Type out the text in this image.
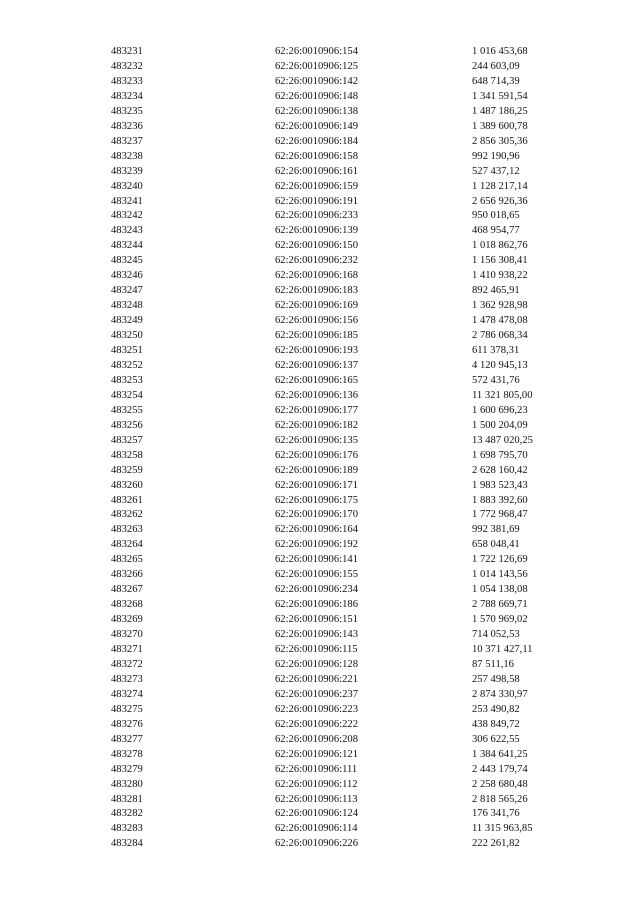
483231	62:26:0010906:154	1 016 453,68
483232	62:26:0010906:125	244 603,09
483233	62:26:0010906:142	648 714,39
483234	62:26:0010906:148	1 341 591,54
483235	62:26:0010906:138	1 487 186,25
483236	62:26:0010906:149	1 389 600,78
483237	62:26:0010906:184	2 856 305,36
483238	62:26:0010906:158	992 190,96
483239	62:26:0010906:161	527 437,12
483240	62:26:0010906:159	1 128 217,14
483241	62:26:0010906:191	2 656 926,36
483242	62:26:0010906:233	950 018,65
483243	62:26:0010906:139	468 954,77
483244	62:26:0010906:150	1 018 862,76
483245	62:26:0010906:232	1 156 308,41
483246	62:26:0010906:168	1 410 938,22
483247	62:26:0010906:183	892 465,91
483248	62:26:0010906:169	1 362 928,98
483249	62:26:0010906:156	1 478 478,08
483250	62:26:0010906:185	2 786 068,34
483251	62:26:0010906:193	611 378,31
483252	62:26:0010906:137	4 120 945,13
483253	62:26:0010906:165	572 431,76
483254	62:26:0010906:136	11 321 805,00
483255	62:26:0010906:177	1 600 696,23
483256	62:26:0010906:182	1 500 204,09
483257	62:26:0010906:135	13 487 020,25
483258	62:26:0010906:176	1 698 795,70
483259	62:26:0010906:189	2 628 160,42
483260	62:26:0010906:171	1 983 523,43
483261	62:26:0010906:175	1 883 392,60
483262	62:26:0010906:170	1 772 968,47
483263	62:26:0010906:164	992 381,69
483264	62:26:0010906:192	658 048,41
483265	62:26:0010906:141	1 722 126,69
483266	62:26:0010906:155	1 014 143,56
483267	62:26:0010906:234	1 054 138,08
483268	62:26:0010906:186	2 788 669,71
483269	62:26:0010906:151	1 570 969,02
483270	62:26:0010906:143	714 052,53
483271	62:26:0010906:115	10 371 427,11
483272	62:26:0010906:128	87 511,16
483273	62:26:0010906:221	257 498,58
483274	62:26:0010906:237	2 874 330,97
483275	62:26:0010906:223	253 490,82
483276	62:26:0010906:222	438 849,72
483277	62:26:0010906:208	306 622,55
483278	62:26:0010906:121	1 384 641,25
483279	62:26:0010906:111	2 443 179,74
483280	62:26:0010906:112	2 258 680,48
483281	62:26:0010906:113	2 818 565,26
483282	62:26:0010906:124	176 341,76
483283	62:26:0010906:114	11 315 963,85
483284	62:26:0010906:226	222 261,82
